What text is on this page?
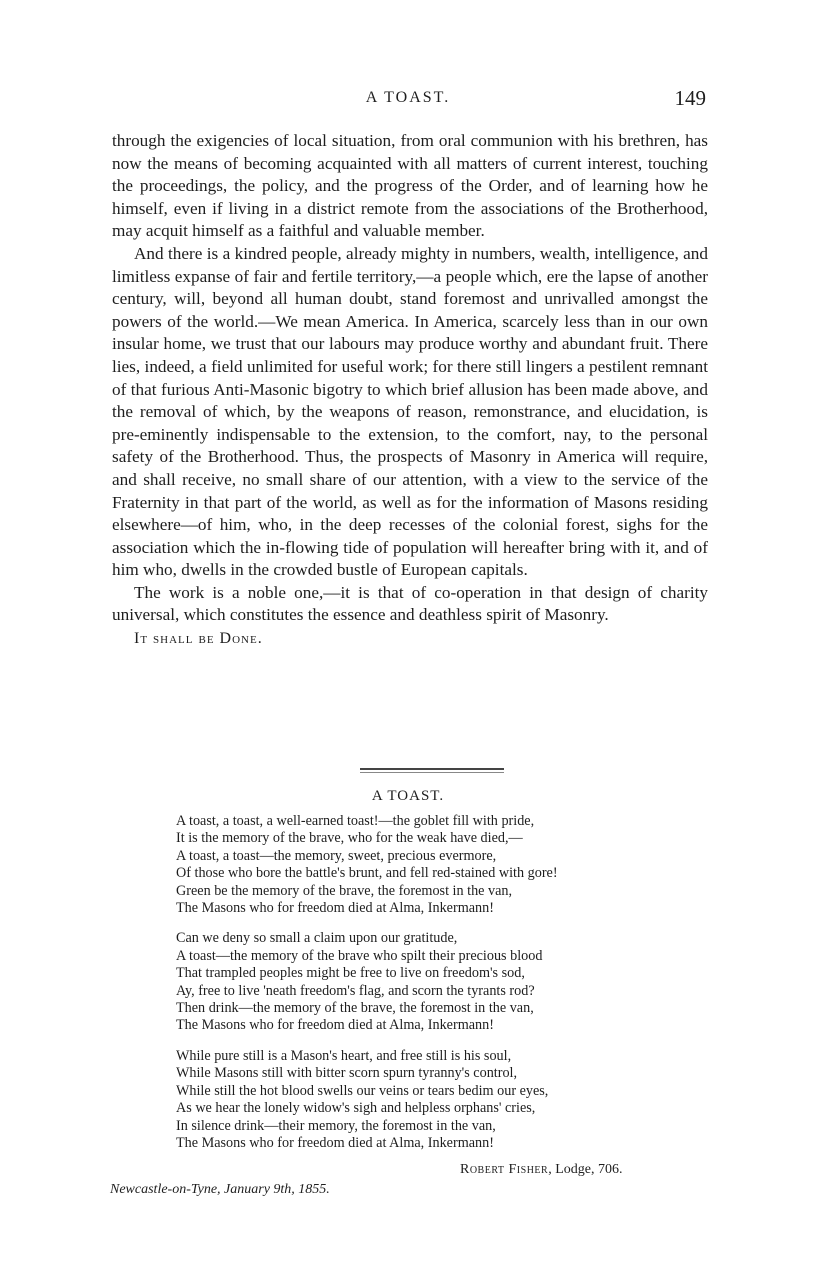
A TOAST.	149

through the exigencies of local situation, from oral communion with his brethren, has now the means of becoming acquainted with all matters of current interest, touching the proceedings, the policy, and the progress of the Order, and of learning how he himself, even if living in a district remote from the associations of the Brotherhood, may acquit himself as a faithful and valuable member.

And there is a kindred people, already mighty in numbers, wealth, intelligence, and limitless expanse of fair and fertile territory,—a people which, ere the lapse of another century, will, beyond all human doubt, stand foremost and unrivalled amongst the powers of the world.—We mean America. In America, scarcely less than in our own insular home, we trust that our labours may produce worthy and abundant fruit. There lies, indeed, a field unlimited for useful work; for there still lingers a pestilent remnant of that furious Anti-Masonic bigotry to which brief allusion has been made above, and the removal of which, by the weapons of reason, remonstrance, and elucidation, is pre-eminently indispensable to the extension, to the comfort, nay, to the personal safety of the Brotherhood. Thus, the prospects of Masonry in America will require, and shall receive, no small share of our attention, with a view to the service of the Fraternity in that part of the world, as well as for the information of Masons residing elsewhere—of him, who, in the deep recesses of the colonial forest, sighs for the association which the in-flowing tide of population will hereafter bring with it, and of him who, dwells in the crowded bustle of European capitals.

The work is a noble one,—it is that of co-operation in that design of charity universal, which constitutes the essence and deathless spirit of Masonry.

It shall be Done.

A TOAST.
A toast, a toast, a well-earned toast!—the goblet fill with pride,
It is the memory of the brave, who for the weak have died,—
A toast, a toast—the memory, sweet, precious evermore,
Of those who bore the battle's brunt, and fell red-stained with gore!
Green be the memory of the brave, the foremost in the van,
The Masons who for freedom died at Alma, Inkermann!
Can we deny so small a claim upon our gratitude,
A toast—the memory of the brave who spilt their precious blood
That trampled peoples might be free to live on freedom's sod,
Ay, free to live 'neath freedom's flag, and scorn the tyrants rod?
Then drink—the memory of the brave, the foremost in the van,
The Masons who for freedom died at Alma, Inkermann!
While pure still is a Mason's heart, and free still is his soul,
While Masons still with bitter scorn spurn tyranny's control,
While still the hot blood swells our veins or tears bedim our eyes,
As we hear the lonely widow's sigh and helpless orphans' cries,
In silence drink—their memory, the foremost in the van,
The Masons who for freedom died at Alma, Inkermann!
Robert Fisher, Lodge, 706.
Newcastle-on-Tyne, January 9th, 1855.
